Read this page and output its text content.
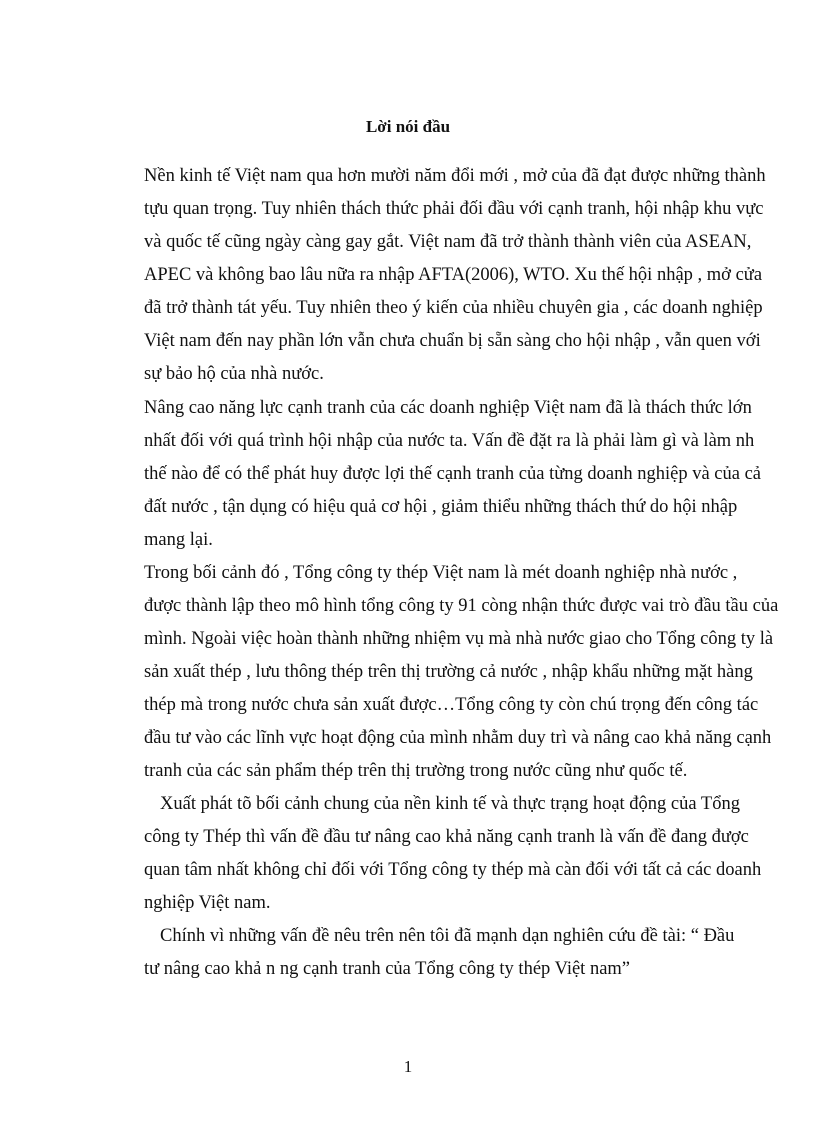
Lời nói đầu
Nền kinh tế Việt nam qua hơn mười năm đổi mới , mở của đã đạt được những thành
tựu quan trọng. Tuy nhiên thách thức phải đối đầu với cạnh tranh, hội nhập khu vực
và quốc tế cũng ngày càng gay gắt. Việt nam đã trở thành thành viên của ASEAN,
APEC và không bao lâu nữa ra nhập AFTA(2006), WTO. Xu thế hội nhập , mở cửa
đã trở thành tát yếu. Tuy nhiên theo ý kiến của nhiều chuyên gia , các doanh nghiệp
Việt nam đến nay phần lớn vẫn chưa chuẩn bị sẵn sàng cho hội nhập , vẫn quen với
sự bảo hộ của nhà nước.
Nâng cao năng lực cạnh tranh của các doanh nghiệp Việt nam đã là thách thức lớn
nhất đối với quá trình hội nhập của nước ta. Vấn đề đặt ra là phải làm gì và làm nh
thế nào để có thể phát huy được lợi thế cạnh tranh của từng doanh nghiệp và của cả
đất nước , tận dụng có hiệu quả cơ hội , giảm thiểu những thách thứ do hội nhập
mang lại.
Trong bối cảnh đó , Tổng công ty thép Việt nam là mét doanh nghiệp nhà nước ,
được thành lập theo mô hình tổng công ty 91 còng nhận thức được vai trò đầu tầu của
mình. Ngoài việc hoàn thành những nhiệm vụ mà nhà nước giao cho Tổng công ty là
sản xuất thép , lưu thông thép trên thị trường cả nước , nhập khẩu những mặt hàng
thép mà trong nước chưa sản xuất được…Tổng công ty còn chú trọng đến công tác
đầu tư vào các lĩnh vực hoạt động của mình nhằm duy trì và nâng cao khả năng cạnh
tranh của các sản phẩm thép trên thị trường trong nước cũng như quốc tế.
Xuất phát tõ bối cảnh chung của nền kinh tế và thực trạng hoạt động của Tổng
công ty Thép thì vấn đề đầu tư nâng cao khả năng cạnh tranh là vấn đề đang được
quan tâm nhất không chỉ đối với Tổng công ty thép mà càn đối với tất cả các doanh
nghiệp Việt nam.
Chính vì những vấn đề nêu trên nên tôi đã mạnh dạn nghiên cứu đề tài: “ Đầu
tư nâng cao khả n ng cạnh tranh của Tổng công ty thép Việt nam”
1
